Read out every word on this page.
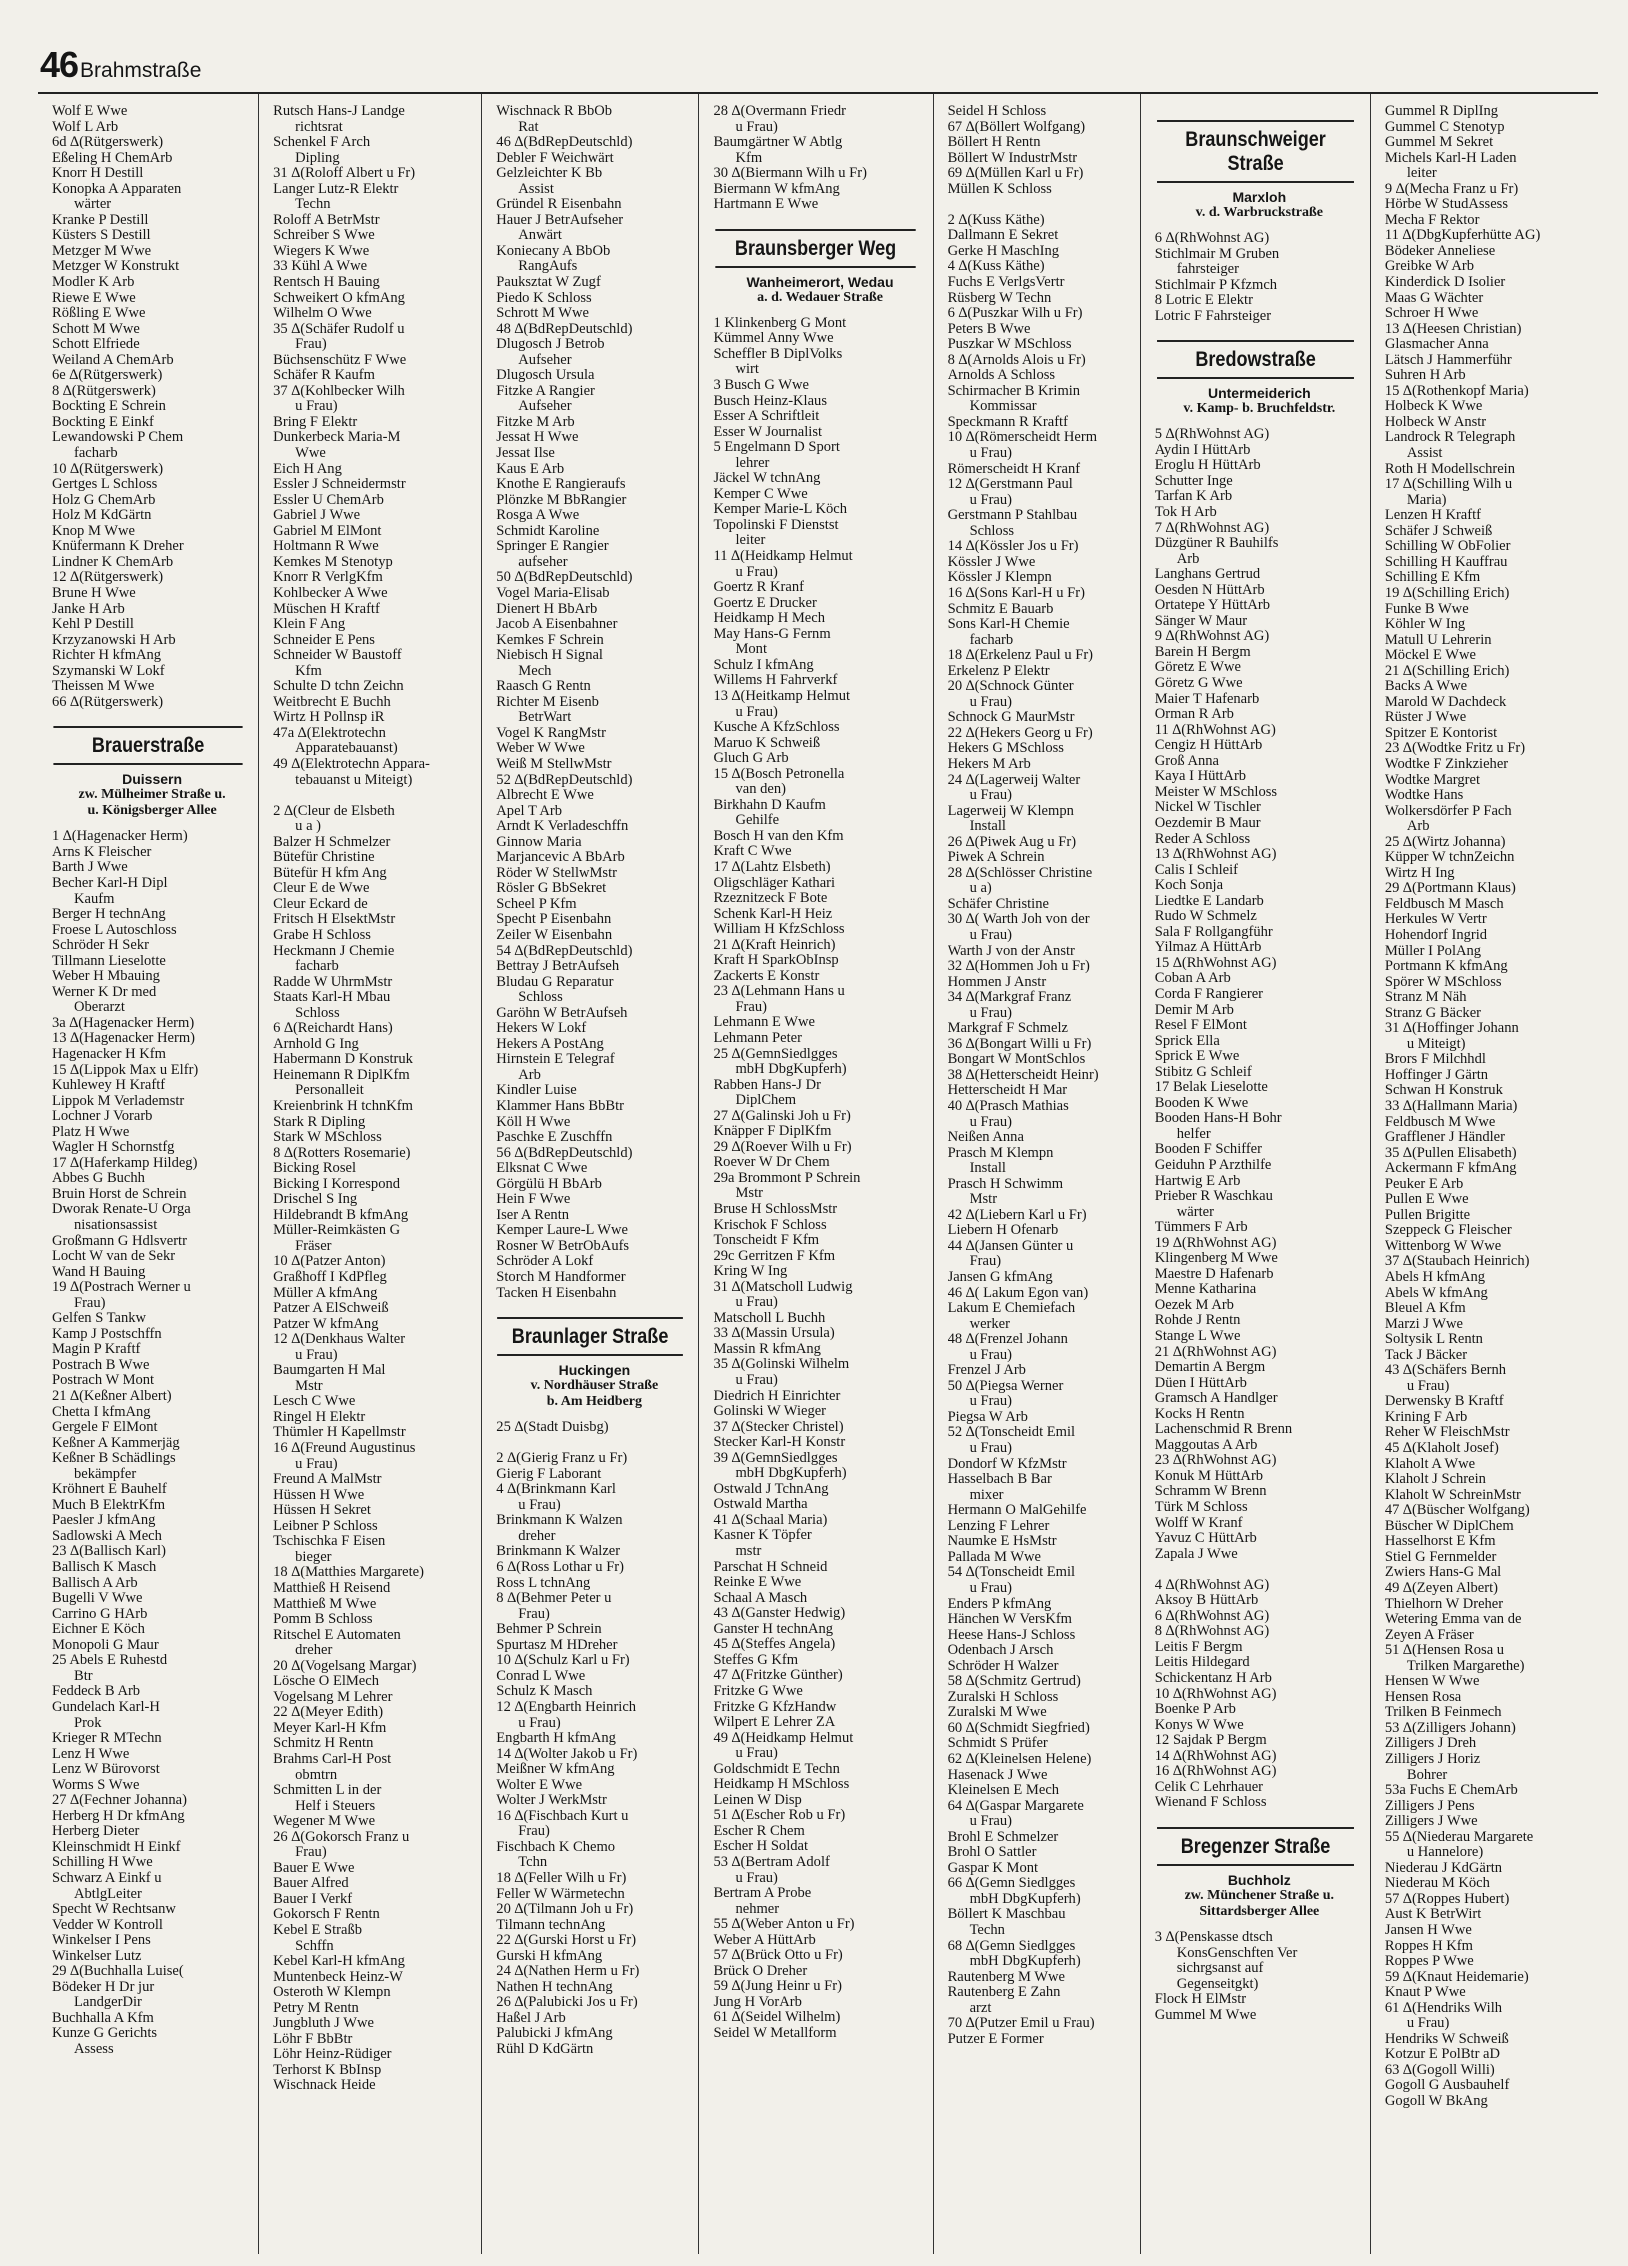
46 Brahmstraße
Wolf E Wwe
Wolf L Arb
6d ∆(Rütgerswerk)
Eßeling H ChemArb
Knorr H Destill
Konopka A Apparaten
wärter
Kranke P Destill
Küsters S Destill
Metzger M Wwe
Metzger W Konstrukt
Modler K Arb
Riewe E Wwe
Rößling E Wwe
Schott M Wwe
Schott Elfriede
Weiland A ChemArb
6e ∆(Rütgerswerk)
8 ∆(Rütgerswerk)
Bockting E Schrein
Bockting E Einkf
Lewandowski P Chem
facharb
10 ∆(Rütgerswerk)
Gertges L Schloss
Holz G ChemArb
Holz M KdGärtn
Knop M Wwe
Knüfermann K Dreher
Lindner K ChemArb
12 ∆(Rütgerswerk)
Brune H Wwe
Janke H Arb
Kehl P Destill
Krzyzanowski H Arb
Richter H kfmAng
Szymanski W Lokf
Theissen M Wwe
66 ∆(Rütgerswerk)
Brauerstraße
Duissern
zw. Mülheimer Straße u.
u. Königsberger Allee
1 ∆(Hagenacker Herm)
Arns K Fleischer
Barth J Wwe
Becher Karl-H Dipl
Kaufm
Berger H technAng
Froese L Autoschloss
Schröder H Sekr
Tillmann Lieselotte
Weber H Mbauing
Werner K Dr med
Oberarzt
3a ∆(Hagenacker Herm)
13 ∆(Hagenacker Herm)
Hagenacker H Kfm
15 ∆(Lippok Max u Elfr)
Kuhlewey H Kraftf
Lippok M Verlademstr
Lochner J Vorarb
Platz H Wwe
Wagler H Schornstfg
17 ∆(Haferkamp Hildeg)
Abbes G Buchh
Bruin Horst de Schrein
Dworak Renate-U Orga
nisationsassist
Großmann G Hdlsvertr
Locht W van de Sekr
Wand H Bauing
19 ∆(Postrach Werner u
Frau)
Gelfen S Tankw
Kamp J Postschffn
Magin P Kraftf
Postrach B Wwe
Postrach W Mont
21 ∆(Keßner Albert)
Chetta I kfmAng
Gergele F ElMont
Keßner A Kammerjäg
Keßner B Schädlings
bekämpfer
Kröhnert E Bauhelf
Much B ElektrKfm
Paesler J kfmAng
Sadlowski A Mech
23 ∆(Ballisch Karl)
Ballisch K Masch
Ballisch A Arb
Bugelli V Wwe
Carrino G HArb
Eichner E Köch
Monopoli G Maur
25 Abels E Ruhestd
Btr
Feddeck B Arb
Gundelach Karl-H
Prok
Krieger R MTechn
Lenz H Wwe
Lenz W Bürovorst
Worms S Wwe
27 ∆(Fechner Johanna)
Herberg H Dr kfmAng
Herberg Dieter
Kleinschmidt H Einkf
Schilling H Wwe
Schwarz A Einkf u
AbtlgLeiter
Specht W Rechtsanw
Vedder W Kontroll
Winkelser I Pens
Winkelser Lutz
29 ∆(Buchhalla Luise(
Bödeker H Dr jur
LandgerDir
Buchhalla A Kfm
Kunze G Gerichts
Assess
Rutsch Hans-J Landge
richtsrat
Schenkel F Arch
Dipling
31 ∆(Roloff Albert u Fr)
Langer Lutz-R Elektr
Techn
Roloff A BetrMstr
Schreiber S Wwe
Wiegers K Wwe
33 Kühl A Wwe
Rentsch H Bauing
Schweikert O kfmAng
Wilhelm O Wwe
35 ∆(Schäfer Rudolf u
Frau)
Büchsenschütz F Wwe
Schäfer R Kaufm
37 ∆(Kohlbecker Wilh
u Frau)
Bring F Elektr
Dunkerbeck Maria-M
Wwe
Eich H Ang
Essler J Schneidermstr
Essler U ChemArb
Gabriel J Wwe
Gabriel M ElMont
Holtmann R Wwe
Kemkes M Stenotyp
Knorr R VerlgKfm
Kohlbecker A Wwe
Müschen H Kraftf
Klein F Ang
Schneider E Pens
Schneider W Baustoff
Kfm
Schulte D tchn Zeichn
Weitbrecht E Buchh
Wirtz H Pollnsp iR
47a ∆(Elektrotechn
Apparatebauanst)
49 ∆(Elektrotechn Appara-
tebauanst u Miteigt)

2 ∆(Cleur de Elsbeth
u a )
Balzer H Schmelzer
Bütefür Christine
Bütefür H kfm Ang
Cleur E de Wwe
Cleur Eckard de
Fritsch H ElsektMstr
Grabe H Schloss
Heckmann J Chemie
facharb
Radde W UhrmMstr
Staats Karl-H Mbau
Schloss
6 ∆(Reichardt Hans)
Arnhold G Ing
Habermann D Konstruk
Heinemann R DiplKfm
Personalleit
Kreienbrink H tchnKfm
Stark R Dipling
Stark W MSchloss
8 ∆(Rotters Rosemarie)
Bicking Rosel
Bicking I Korrespond
Drischel S Ing
Hildebrandt B kfmAng
Müller-Reimkästen G
Fräser
10 ∆(Patzer Anton)
Graßhoff I KdPfleg
Müller A kfmAng
Patzer A ElSchweiß
Patzer W kfmAng
12 ∆(Denkhaus Walter
u Frau)
Baumgarten H Mal
Mstr
Lesch C Wwe
Ringel H Elektr
Thümler H Kapellmstr
16 ∆(Freund Augustinus
u Frau)
Freund A MalMstr
Hüssen H Wwe
Hüssen H Sekret
Leibner P Schloss
Tschischka F Eisen
bieger
18 ∆(Matthies Margarete)
Matthieß H Reisend
Matthieß M Wwe
Pomm B Schloss
Ritschel E Automaten
dreher
20 ∆(Vogelsang Margar)
Lösche O ElMech
Vogelsang M Lehrer
22 ∆(Meyer Edith)
Meyer Karl-H Kfm
Schmitz H Rentn
Brahms Carl-H Post
obmtrn
Schmitten L in der
Helf i Steuers
Wegener M Wwe
26 ∆(Gokorsch Franz u
Frau)
Bauer E Wwe
Bauer Alfred
Bauer I Verkf
Gokorsch F Rentn
Kebel E Straßb
Schffn
Kebel Karl-H kfmAng
Muntenbeck Heinz-W
Osteroth W Klempn
Petry M Rentn
Jungbluth J Wwe
Löhr F BbBtr
Löhr Heinz-Rüdiger
Terhorst K BbInsp
Wischnack Heide
Wischnack R BbOb
Rat
46 ∆(BdRepDeutschld)
Debler F Weichwärt
Gelzleichter K Bb
Assist
Gründel R Eisenbahn
Hauer J BetrAufseher
Anwärt
Koniecany A BbOb
RangAufs
Pauksztat W Zugf
Piedo K Schloss
Schrott M Wwe
48 ∆(BdRepDeutschld)
Dlugosch J Betrob
Aufseher
Dlugosch Ursula
Fitzke A Rangier
Aufseher
Fitzke M Arb
Jessat H Wwe
Jessat Ilse
Kaus E Arb
Knothe E Rangieraufs
Plönzke M BbRangier
Rosga A Wwe
Schmidt Karoline
Springer E Rangier
aufseher
50 ∆(BdRepDeutschld)
Vogel Maria-Elisab
Dienert H BbArb
Jacob A Eisenbahner
Kemkes F Schrein
Niebisch H Signal
Mech
Raasch G Rentn
Richter M Eisenb
BetrWart
Vogel K RangMstr
Weber W Wwe
Weiß M StellwMstr
52 ∆(BdRepDeutschld)
Albrecht E Wwe
Apel T Arb
Arndt K Verladeschffn
Ginnow Maria
Marjancevic A BbArb
Röder W StellwMstr
Rösler G BbSekret
Scheel P Kfm
Specht P Eisenbahn
Zeiler W Eisenbahn
54 ∆(BdRepDeutschld)
Bettray J BetrAufseh
Bludau G Reparatur
Schloss
Garöhn W BetrAufseh
Hekers W Lokf
Hekers A PostAng
Hirnstein E Telegraf
Arb
Kindler Luise
Klammer Hans BbBtr
Köll H Wwe
Paschke E Zuschffn
56 ∆(BdRepDeutschld)
Elksnat C Wwe
Görgülü H BbArb
Hein F Wwe
Iser A Rentn
Kemper Laure-L Wwe
Rosner W BetrObAufs
Schröder A Lokf
Storch M Handformer
Tacken H Eisenbahn
Braunlager Straße
Huckingen
v. Nordhäuser Straße
b. Am Heidberg
25 ∆(Stadt Duisbg)

2 ∆(Gierig Franz u Fr)
Gierig F Laborant
4 ∆(Brinkmann Karl
u Frau)
Brinkmann K Walzen
dreher
Brinkmann K Walzer
6 ∆(Ross Lothar u Fr)
Ross L tchnAng
8 ∆(Behmer Peter u
Frau)
Behmer P Schrein
Spurtasz M HDreher
10 ∆(Schulz Karl u Fr)
Conrad L Wwe
Schulz K Masch
12 ∆(Engbarth Heinrich
u Frau)
Engbarth H kfmAng
14 ∆(Wolter Jakob u Fr)
Meißner W kfmAng
Wolter E Wwe
Wolter J WerkMstr
16 ∆(Fischbach Kurt u
Frau)
Fischbach K Chemo
Tchn
18 ∆(Feller Wilh u Fr)
Feller W Wärmetechn
20 ∆(Tilmann Joh u Fr)
Tilmann technAng
22 ∆(Gurski Horst u Fr)
Gurski H kfmAng
24 ∆(Nathen Herm u Fr)
Nathen H technAng
26 ∆(Palubicki Jos u Fr)
Haßel J Arb
Palubicki J kfmAng
Rühl D KdGärtn
28 ∆(Overmann Friedr
u Frau)
Baumgärtner W Abtlg
Kfm
30 ∆(Biermann Wilh u Fr)
Biermann W kfmAng
Hartmann E Wwe
Braunsberger Weg
Wanheimerort, Wedau
a. d. Wedauer Straße
1 Klinkenberg G Mont
Kümmel Anny Wwe
Scheffler B DiplVolks
wirt
3 Busch G Wwe
Busch Heinz-Klaus
Esser A Schriftleit
Esser W Journalist
5 Engelmann D Sport
lehrer
Jäckel W tchnAng
Kemper C Wwe
Kemper Marie-L Köch
Topolinski F Dienstst
leiter
11 ∆(Heidkamp Helmut
u Frau)
Goertz R Kranf
Goertz E Drucker
Heidkamp H Mech
May Hans-G Fernm
Mont
Schulz I kfmAng
Willems H Fahrverkf
13 ∆(Heitkamp Helmut
u Frau)
Kusche A KfzSchloss
Maruo K Schweiß
Gluch G Arb
15 ∆(Bosch Petronella
van den)
Birkhahn D Kaufm
Gehilfe
Bosch H van den Kfm
Kraft C Wwe
17 ∆(Lahtz Elsbeth)
Oligschläger Kathari
Rzeznitzeck F Bote
Schenk Karl-H Heiz
William H KfzSchloss
21 ∆(Kraft Heinrich)
Kraft H SparkObInsp
Zackerts E Konstr
23 ∆(Lehmann Hans u
Frau)
Lehmann E Wwe
Lehmann Peter
25 ∆(GemnSiedlgges
mbH DbgKupferh)
Rabben Hans-J Dr
DiplChem
27 ∆(Galinski Joh u Fr)
Knäpper F DiplKfm
29 ∆(Roever Wilh u Fr)
Roever W Dr Chem
29a Brommont P Schrein
Mstr
Bruse H SchlossMstr
Krischok F Schloss
Tonscheidt F Kfm
29c Gerritzen F Kfm
Kring W Ing
31 ∆(Matscholl Ludwig
u Frau)
Matscholl L Buchh
33 ∆(Massin Ursula)
Massin R kfmAng
35 ∆(Golinski Wilhelm
u Frau)
Diedrich H Einrichter
Golinski W Wieger
37 ∆(Stecker Christel)
Stecker Karl-H Konstr
39 ∆(GemnSiedlgges
mbH DbgKupferh)
Ostwald J TchnAng
Ostwald Martha
41 ∆(Schaal Maria)
Kasner K Töpfer
mstr
Parschat H Schneid
Reinke E Wwe
Schaal A Masch
43 ∆(Ganster Hedwig)
Ganster H technAng
45 ∆(Steffes Angela)
Steffes G Kfm
47 ∆(Fritzke Günther)
Fritzke G Wwe
Fritzke G KfzHandw
Wilpert E Lehrer ZA
49 ∆(Heidkamp Helmut
u Frau)
Goldschmidt E Techn
Heidkamp H MSchloss
Leinen W Disp
51 ∆(Escher Rob u Fr)
Escher R Chem
Escher H Soldat
53 ∆(Bertram Adolf
u Frau)
Bertram A Probe
nehmer
55 ∆(Weber Anton u Fr)
Weber A HüttArb
57 ∆(Brück Otto u Fr)
Brück O Dreher
59 ∆(Jung Heinr u Fr)
Jung H VorArb
61 ∆(Seidel Wilhelm)
Seidel W Metallform
Seidel H Schloss
67 ∆(Böllert Wolfgang)
Böllert H Rentn
Böllert W IndustrMstr
69 ∆(Müllen Karl u Fr)
Müllen K Schloss

2 ∆(Kuss Käthe)
Dallmann E Sekret
Gerke H MaschIng
4 ∆(Kuss Käthe)
Fuchs E VerlgsVertr
Rüsberg W Techn
6 ∆(Puszkar Wilh u Fr)
Peters B Wwe
Puszkar W MSchloss
8 ∆(Arnolds Alois u Fr)
Arnolds A Schloss
Schirmacher B Krimin
Kommissar
Speckmann R Kraftf
10 ∆(Römerscheidt Herm
u Frau)
Römerscheidt H Kranf
12 ∆(Gerstmann Paul
u Frau)
Gerstmann P Stahlbau
Schloss
14 ∆(Kössler Jos u Fr)
Kössler J Wwe
Kössler J Klempn
16 ∆(Sons Karl-H u Fr)
Schmitz E Bauarb
Sons Karl-H Chemie
facharb
18 ∆(Erkelenz Paul u Fr)
Erkelenz P Elektr
20 ∆(Schnock Günter
u Frau)
Schnock G MaurMstr
22 ∆(Hekers Georg u Fr)
Hekers G MSchloss
Hekers M Arb
24 ∆(Lagerweij Walter
u Frau)
Lagerweij W Klempn
Install
26 ∆(Piwek Aug u Fr)
Piwek A Schrein
28 ∆(Schlösser Christine
u a)
Schäfer Christine
30 ∆( Warth Joh von der
u Frau)
Warth J von der Anstr
32 ∆(Hommen Joh u Fr)
Hommen J Anstr
34 ∆(Markgraf Franz
u Frau)
Markgraf F Schmelz
36 ∆(Bongart Willi u Fr)
Bongart W MontSchlos
38 ∆(Hetterscheidt Heinr)
Hetterscheidt H Mar
40 ∆(Prasch Mathias
u Frau)
Neißen Anna
Prasch M Klempn
Install
Prasch H Schwimm
Mstr
42 ∆(Liebern Karl u Fr)
Liebern H Ofenarb
44 ∆(Jansen Günter u
Frau)
Jansen G kfmAng
46 ∆( Lakum Egon van)
Lakum E Chemiefach
werker
48 ∆(Frenzel Johann
u Frau)
Frenzel J Arb
50 ∆(Piegsa Werner
u Frau)
Piegsa W Arb
52 ∆(Tonscheidt Emil
u Frau)
Dondorf W KfzMstr
Hasselbach B Bar
mixer
Hermann O MalGehilfe
Lenzing F Lehrer
Naumke E HsMstr
Pallada M Wwe
54 ∆(Tonscheidt Emil
u Frau)
Enders P kfmAng
Hänchen W VersKfm
Heese Hans-J Schloss
Odenbach J Arsch
Schröder H Walzer
58 ∆(Schmitz Gertrud)
Zuralski H Schloss
Zuralski M Wwe
60 ∆(Schmidt Siegfried)
Schmidt S Prüfer
62 ∆(Kleinelsen Helene)
Hasenack J Wwe
Kleinelsen E Mech
64 ∆(Gaspar Margarete
u Frau)
Brohl E Schmelzer
Brohl O Sattler
Gaspar K Mont
66 ∆(Gemn Siedlgges
mbH DbgKupferh)
Böllert K Maschbau
Techn
68 ∆(Gemn Siedlgges
mbH DbgKupferh)
Rautenberg M Wwe
Rautenberg E Zahn
arzt
70 ∆(Putzer Emil u Frau)
Putzer E Former
Braunschweiger Straße
Marxloh
v. d. Warbruckstraße
6 ∆(RhWohnst AG)
Stichlmair M Gruben
fahrsteiger
Stichlmair P Kfzmch
8 Lotric E Elektr
Lotric F Fahrsteiger
Bredowstraße
Untermeiderich
v. Kamp- b. Bruchfeldstr.
5 ∆(RhWohnst AG)
Aydin I HüttArb
Eroglu H HüttArb
Schutter Inge
Tarfan K Arb
Tok H Arb
7 ∆(RhWohnst AG)
Düzgüner R Bauhilfs
Arb
Langhans Gertrud
Oesden N HüttArb
Ortatepe Y HüttArb
Sänger W Maur
9 ∆(RhWohnst AG)
Barein H Bergm
Göretz E Wwe
Göretz G Wwe
Maier T Hafenarb
Orman R Arb
11 ∆(RhWohnst AG)
Cengiz H HüttArb
Groß Anna
Kaya I HüttArb
Meister W MSchloss
Nickel W Tischler
Oezdemir B Maur
Reder A Schloss
13 ∆(RhWohnst AG)
Calis I Schleif
Koch Sonja
Liedtke E Landarb
Rudo W Schmelz
Sala F Rollgangführ
Yilmaz A HüttArb
15 ∆(RhWohnst AG)
Coban A Arb
Corda F Rangierer
Demir M Arb
Resel F ElMont
Sprick Ella
Sprick E Wwe
Stibitz G Schleif
17 Belak Lieselotte
Booden K Wwe
Booden Hans-H Bohr
helfer
Booden F Schiffer
Geiduhn P Arzthilfe
Hartwig E Arb
Prieber R Waschkau
wärter
Tümmers F Arb
19 ∆(RhWohnst AG)
Klingenberg M Wwe
Maestre D Hafenarb
Menne Katharina
Oezek M Arb
Rohde J Rentn
Stange L Wwe
21 ∆(RhWohnst AG)
Demartin A Bergm
Düen I HüttArb
Gramsch A Handlger
Kocks H Rentn
Lachenschmid R Brenn
Maggoutas A Arb
23 ∆(RhWohnst AG)
Konuk M HüttArb
Schramm W Brenn
Türk M Schloss
Wolff W Kranf
Yavuz C HüttArb
Zapala J Wwe

4 ∆(RhWohnst AG)
Aksoy B HüttArb
6 ∆(RhWohnst AG)
8 ∆(RhWohnst AG)
Leitis F Bergm
Leitis Hildegard
Schickentanz H Arb
10 ∆(RhWohnst AG)
Boenke P Arb
Konys W Wwe
12 Sajdak P Bergm
14 ∆(RhWohnst AG)
16 ∆(RhWohnst AG)
Celik C Lehrhauer
Wienand F Schloss
Bregenzer Straße
Buchholz
zw. Münchener Straße u.
Sittardsberger Allee
3 ∆(Penskasse dtsch
KonsGenschften Ver
sichrgsanst auf
Gegenseitgkt)
Flock H ElMstr
Gummel M Wwe
Gummel R DiplIng
Gummel C Stenotyp
Gummel M Sekret
Michels Karl-H Laden
leiter
9 ∆(Mecha Franz u Fr)
Hörbe W StudAssess
Mecha F Rektor
11 ∆(DbgKupferhütte AG)
Bödeker Anneliese
Greibke W Arb
Kinderdick D Isolier
Maas G Wächter
Schroer H Wwe
13 ∆(Heesen Christian)
Glasmacher Anna
Lätsch J Hammerführ
Suhren H Arb
15 ∆(Rothenkopf Maria)
Holbeck K Wwe
Holbeck W Anstr
Landrock R Telegraph
Assist
Roth H Modellschrein
17 ∆(Schilling Wilh u
Maria)
Lenzen H Kraftf
Schäfer J Schweiß
Schilling W ObFolier
Schilling H Kauffrau
Schilling E Kfm
19 ∆(Schilling Erich)
Funke B Wwe
Köhler W Ing
Matull U Lehrerin
Möckel E Wwe
21 ∆(Schilling Erich)
Backs A Wwe
Marold W Dachdeck
Rüster J Wwe
Spitzer E Kontorist
23 ∆(Wodtke Fritz u Fr)
Wodtke F Zinkzieher
Wodtke Margret
Wodtke Hans
Wolkersdörfer P Fach
Arb
25 ∆(Wirtz Johanna)
Küpper W tchnZeichn
Wirtz H Ing
29 ∆(Portmann Klaus)
Feldbusch M Masch
Herkules W Vertr
Hohendorf Ingrid
Müller I PolAng
Portmann K kfmAng
Spörer W MSchloss
Stranz M Näh
Stranz G Bäcker
31 ∆(Hoffinger Johann
u Miteigt)
Brors F Milchhdl
Hoffinger J Gärtn
Schwan H Konstruk
33 ∆(Hallmann Maria)
Feldbusch M Wwe
Grafflener J Händler
35 ∆(Pullen Elisabeth)
Ackermann F kfmAng
Peuker E Arb
Pullen E Wwe
Pullen Brigitte
Szeppeck G Fleischer
Wittenborg W Wwe
37 ∆(Staubach Heinrich)
Abels H kfmAng
Abels W kfmAng
Bleuel A Kfm
Marzi J Wwe
Soltysik L Rentn
Tack J Bäcker
43 ∆(Schäfers Bernh
u Frau)
Derwensky B Kraftf
Krining F Arb
Reher W FleischMstr
45 ∆(Klaholt Josef)
Klaholt A Wwe
Klaholt J Schrein
Klaholt W SchreinMstr
47 ∆(Büscher Wolfgang)
Büscher W DiplChem
Hasselhorst E Kfm
Stiel G Fernmelder
Zwiers Hans-G Mal
49 ∆(Zeyen Albert)
Thielhorn W Dreher
Wetering Emma van de
Zeyen A Fräser
51 ∆(Hensen Rosa u
Trilken Margarethe)
Hensen W Wwe
Hensen Rosa
Trilken B Feinmech
53 ∆(Zilligers Johann)
Zilligers J Dreh
Zilligers J Horiz
Bohrer
53a Fuchs E ChemArb
Zilligers J Pens
Zilligers J Wwe
55 ∆(Niederau Margarete
u Hannelore)
Niederau J KdGärtn
Niederau M Köch
57 ∆(Roppes Hubert)
Aust K BetrWirt
Jansen H Wwe
Roppes H Kfm
Roppes P Wwe
59 ∆(Knaut Heidemarie)
Knaut P Wwe
61 ∆(Hendriks Wilh
u Frau)
Hendriks W Schweiß
Kotzur E PolBtr aD
63 ∆(Gogoll Willi)
Gogoll G Ausbauhelf
Gogoll W BkAng
